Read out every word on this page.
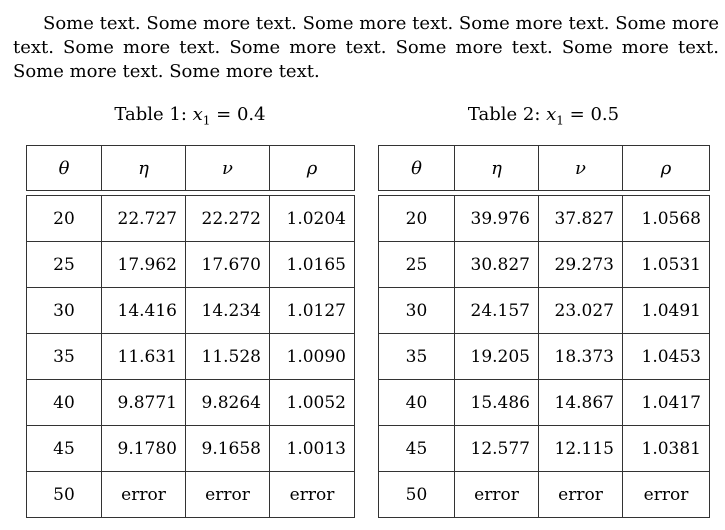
Some text. Some more text. Some more text. Some more text. Some more text. Some more text. Some more text. Some more text. Some more text. Some more text. Some more text.
Table 1: $x_1 = 0.4$	Table 2: $x_1 = 0.5$
θ	η	ν	ρ

20	22.727	22.272	1.0204
25	17.962	17.670	1.0165
30	14.416	14.234	1.0127
35	11.631	11.528	1.0090
40	9.8771	9.8264	1.0052
45	9.1780	9.1658	1.0013
50	error	error	error
θ	η	ν	ρ

20	39.976	37.827	1.0568
25	30.827	29.273	1.0531
30	24.157	23.027	1.0491
35	19.205	18.373	1.0453
40	15.486	14.867	1.0417
45	12.577	12.115	1.0381
50	error	error	error
